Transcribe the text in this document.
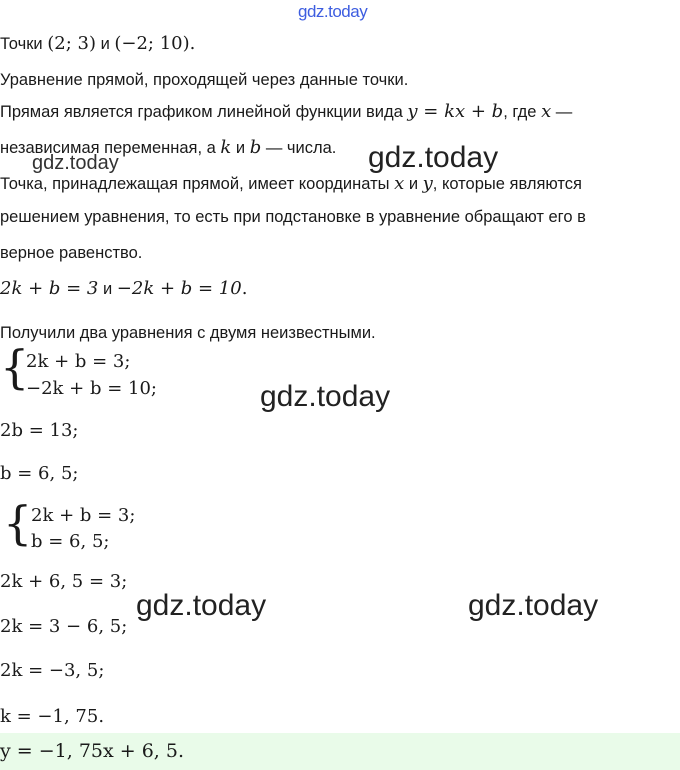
gdz.today
Точки (2; 3) и (−2; 10).
Уравнение прямой, проходящей через данные точки.
Прямая является графиком линейной функции вида y = kx + b, где x —
независимая переменная, а k и b — числа.
gdz.today	gdz.today
Точка, принадлежащая прямой, имеет координаты x и y, которые являются
решением уравнения, то есть при подстановке в уравнение обращают его в
верное равенство.
2k + b = 3 и −2k + b = 10.
Получили два уравнения с двумя неизвестными.
{
2k + b = 3;
−2k + b = 10;	gdz.today
2b = 13;
b = 6, 5;
{
2k + b = 3;
b = 6, 5;
2k + 6, 5 = 3;
gdz.today	gdz.today
2k = 3 − 6, 5;
2k = −3, 5;
k = −1, 75.
y = −1, 75x + 6, 5.
